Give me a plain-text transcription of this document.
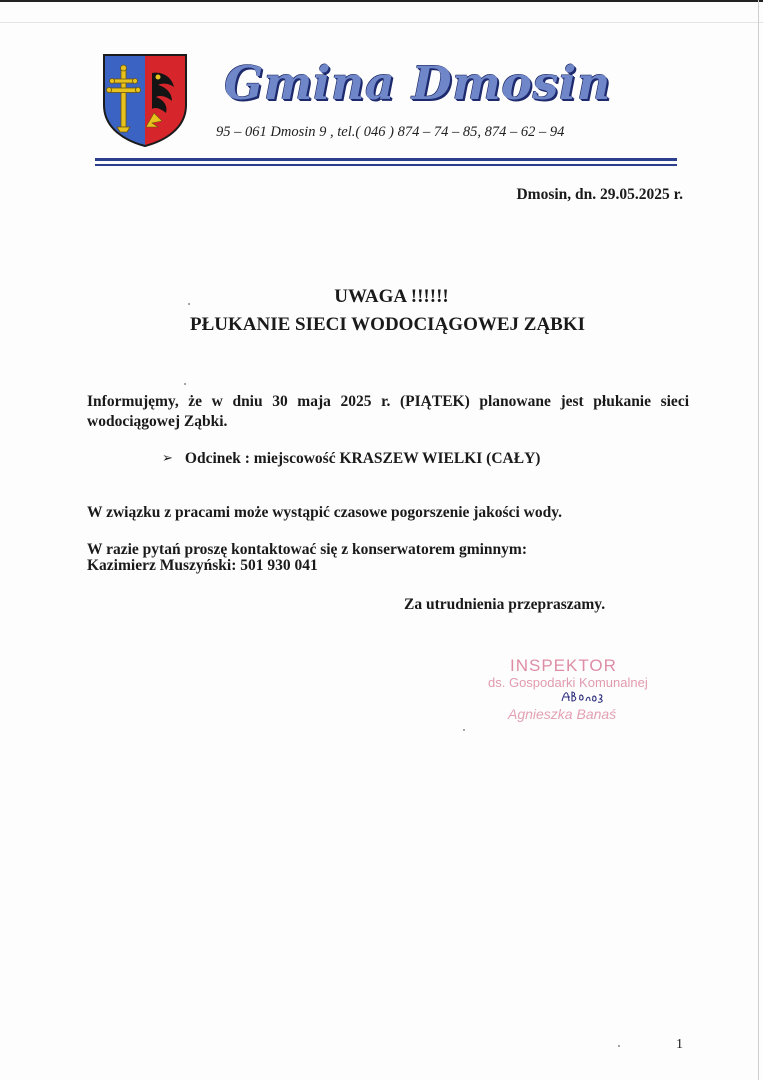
Gmina Dmosin
95 – 061 Dmosin 9 , tel.( 046 ) 874 – 74 – 85, 874 – 62 – 94
Dmosin, dn. 29.05.2025 r.
UWAGA !!!!!!
PŁUKANIE SIECI WODOCIĄGOWEJ ZĄBKI
Informujęmy, że w dniu 30 maja 2025 r. (PIĄTEK) planowane jest płukanie sieci wodociągowej Ząbki.
➢ Odcinek : miejscowość KRASZEW WIELKI (CAŁY)
W związku z pracami może wystąpić czasowe pogorszenie jakości wody.
W razie pytań proszę kontaktować się z konserwatorem gminnym:
Kazimierz Muszyński: 501 930 041
Za utrudnienia przepraszamy.
INSPEKTOR
ds. Gospodarki Komunalnej
Agnieszka Banaś
1
